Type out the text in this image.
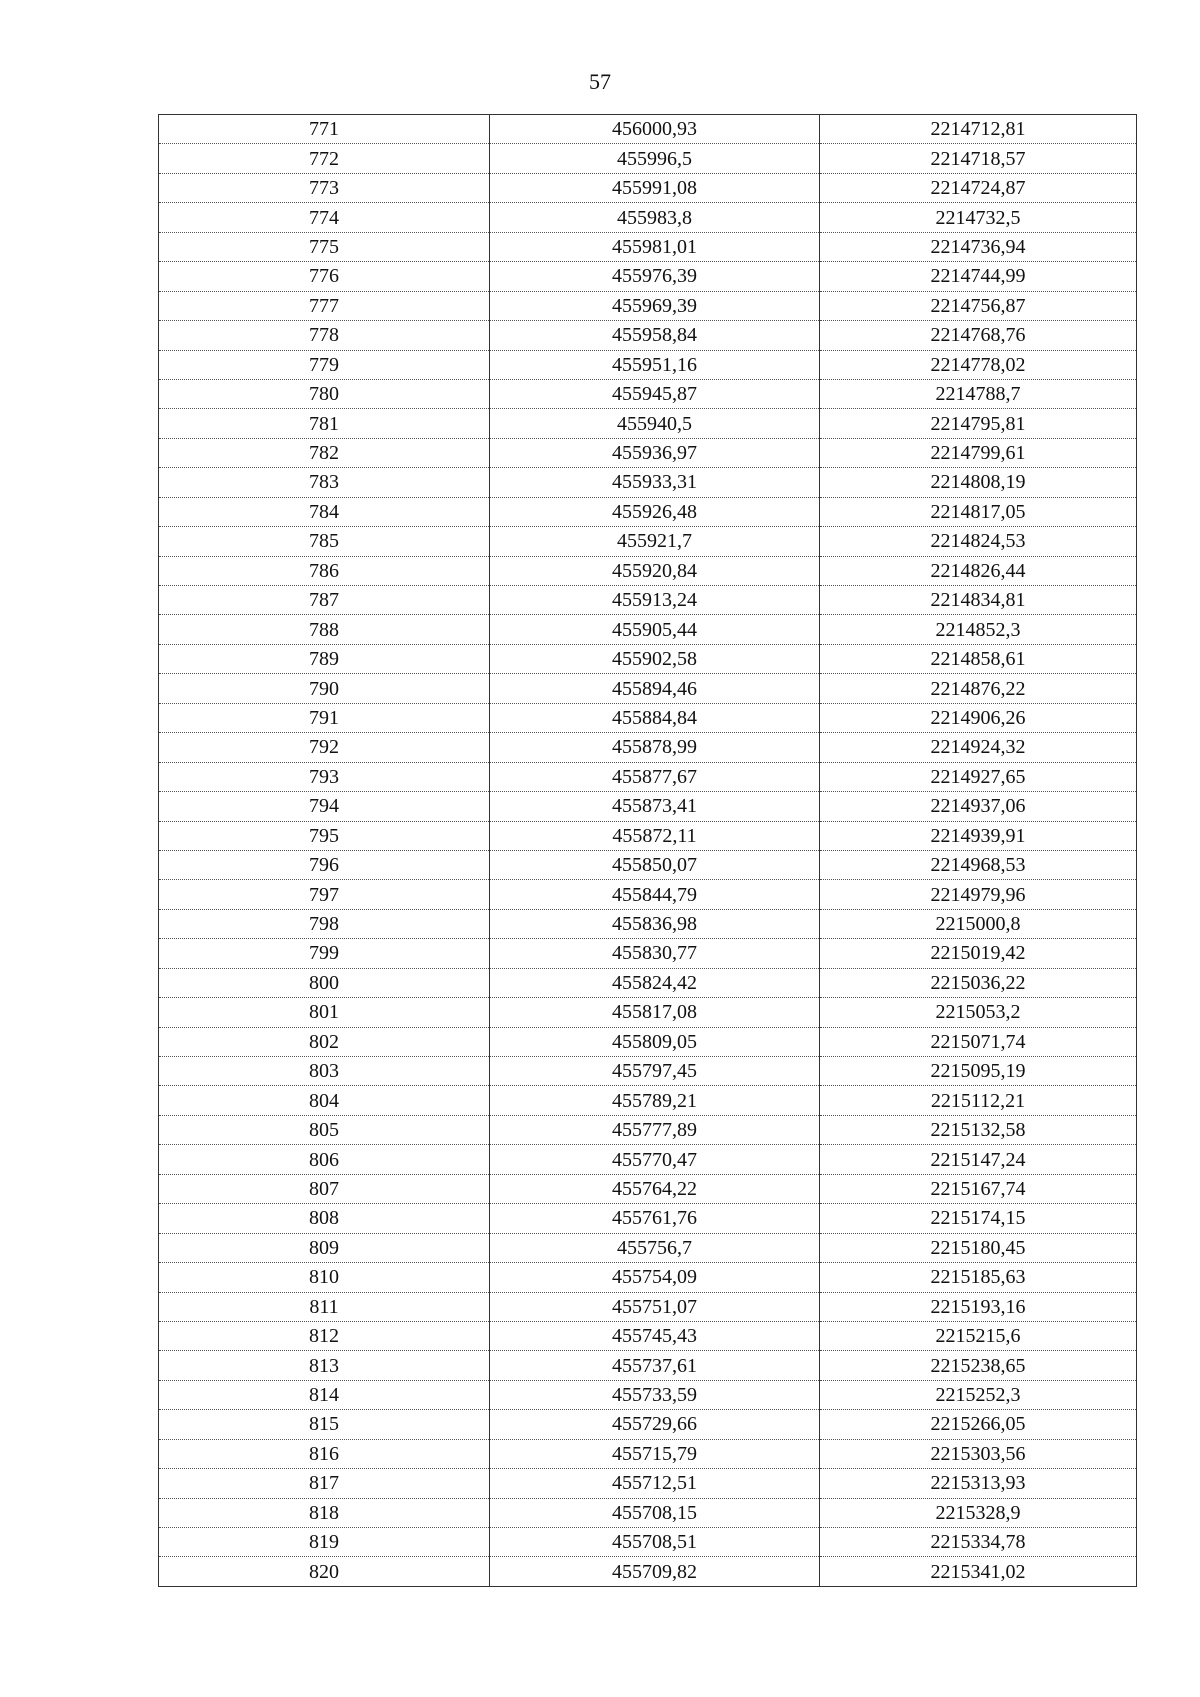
57
771	456000,93	2214712,81
772	455996,5	2214718,57
773	455991,08	2214724,87
774	455983,8	2214732,5
775	455981,01	2214736,94
776	455976,39	2214744,99
777	455969,39	2214756,87
778	455958,84	2214768,76
779	455951,16	2214778,02
780	455945,87	2214788,7
781	455940,5	2214795,81
782	455936,97	2214799,61
783	455933,31	2214808,19
784	455926,48	2214817,05
785	455921,7	2214824,53
786	455920,84	2214826,44
787	455913,24	2214834,81
788	455905,44	2214852,3
789	455902,58	2214858,61
790	455894,46	2214876,22
791	455884,84	2214906,26
792	455878,99	2214924,32
793	455877,67	2214927,65
794	455873,41	2214937,06
795	455872,11	2214939,91
796	455850,07	2214968,53
797	455844,79	2214979,96
798	455836,98	2215000,8
799	455830,77	2215019,42
800	455824,42	2215036,22
801	455817,08	2215053,2
802	455809,05	2215071,74
803	455797,45	2215095,19
804	455789,21	2215112,21
805	455777,89	2215132,58
806	455770,47	2215147,24
807	455764,22	2215167,74
808	455761,76	2215174,15
809	455756,7	2215180,45
810	455754,09	2215185,63
811	455751,07	2215193,16
812	455745,43	2215215,6
813	455737,61	2215238,65
814	455733,59	2215252,3
815	455729,66	2215266,05
816	455715,79	2215303,56
817	455712,51	2215313,93
818	455708,15	2215328,9
819	455708,51	2215334,78
820	455709,82	2215341,02
